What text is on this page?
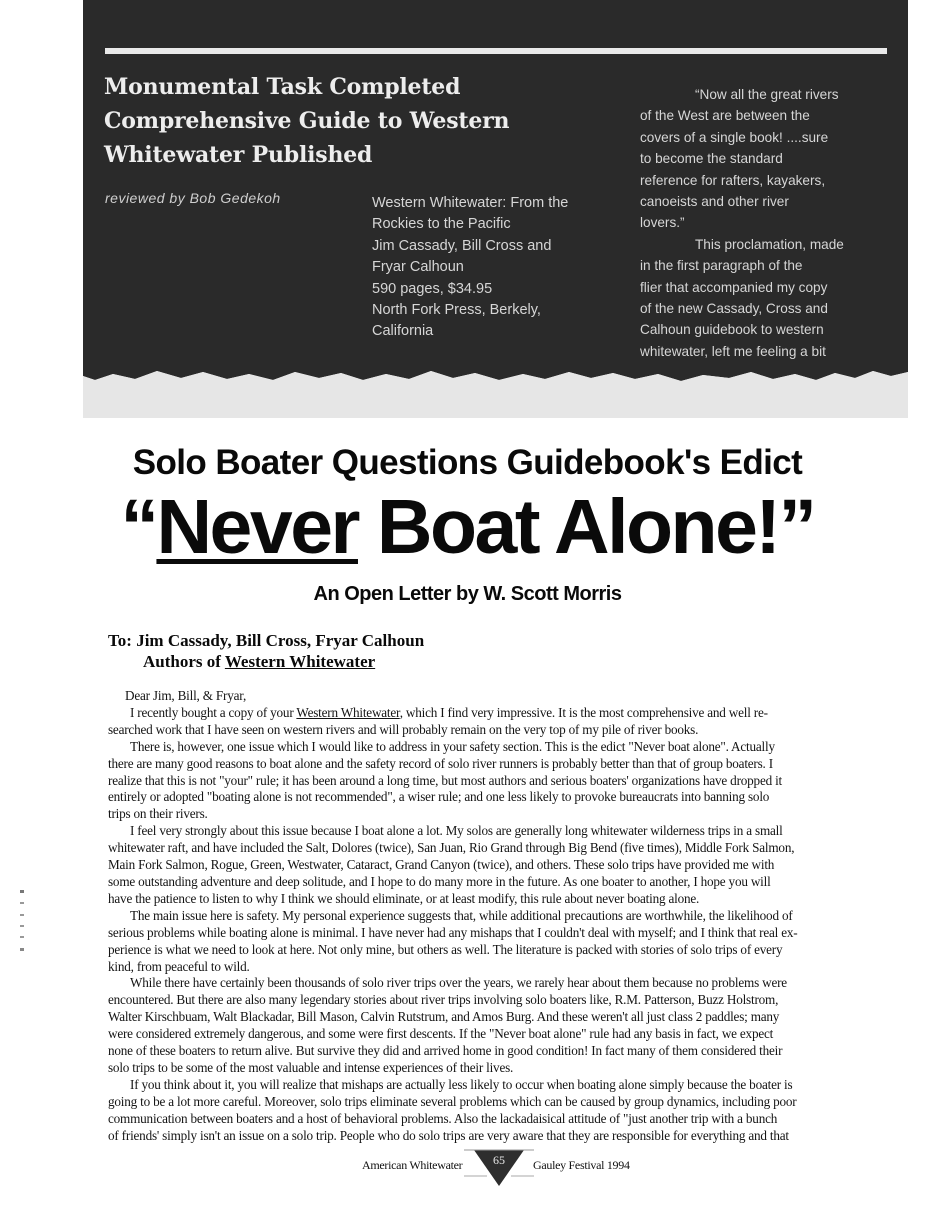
Monumental Task Completed
Comprehensive Guide to Western
Whitewater Published
reviewed by Bob Gedekoh	Western Whitewater: From the
Rockies to the Pacific
Jim Cassady, Bill Cross and
Fryar Calhoun
590 pages, $34.95
North Fork Press, Berkely,
California
“Now all the great rivers
of the West are between the
covers of a single book! ....sure
to become the standard
reference for rafters, kayakers,
canoeists and other river
lovers.”
This proclamation, made
in the first paragraph of the
flier that accompanied my copy
of the new Cassady, Cross and
Calhoun guidebook to western
whitewater, left me feeling a bit
Solo Boater Questions Guidebook's Edict
“Never Boat Alone!”
An Open Letter by W. Scott Morris
To: Jim Cassady, Bill Cross, Fryar Calhoun
Authors of Western Whitewater
Dear Jim, Bill, & Fryar,
I recently bought a copy of your Western Whitewater, which I find very impressive. It is the most comprehensive and well re-
searched work that I have seen on western rivers and will probably remain on the very top of my pile of river books.
There is, however, one issue which I would like to address in your safety section. This is the edict "Never boat alone". Actually
there are many good reasons to boat alone and the safety record of solo river runners is probably better than that of group boaters. I
realize that this is not "your" rule; it has been around a long time, but most authors and serious boaters' organizations have dropped it
entirely or adopted "boating alone is not recommended", a wiser rule; and one less likely to provoke bureaucrats into banning solo
trips on their rivers.
I feel very strongly about this issue because I boat alone a lot. My solos are generally long whitewater wilderness trips in a small
whitewater raft, and have included the Salt, Dolores (twice), San Juan, Rio Grand through Big Bend (five times), Middle Fork Salmon,
Main Fork Salmon, Rogue, Green, Westwater, Cataract, Grand Canyon (twice), and others. These solo trips have provided me with
some outstanding adventure and deep solitude, and I hope to do many more in the future. As one boater to another, I hope you will
have the patience to listen to why I think we should eliminate, or at least modify, this rule about never boating alone.
The main issue here is safety. My personal experience suggests that, while additional precautions are worthwhile, the likelihood of
serious problems while boating alone is minimal. I have never had any mishaps that I couldn't deal with myself; and I think that real ex-
perience is what we need to look at here. Not only mine, but others as well. The literature is packed with stories of solo trips of every
kind, from peaceful to wild.
While there have certainly been thousands of solo river trips over the years, we rarely hear about them because no problems were
encountered. But there are also many legendary stories about river trips involving solo boaters like, R.M. Patterson, Buzz Holstrom,
Walter Kirschbuam, Walt Blackadar, Bill Mason, Calvin Rutstrum, and Amos Burg. And these weren't all just class 2 paddles; many
were considered extremely dangerous, and some were first descents. If the "Never boat alone" rule had any basis in fact, we expect
none of these boaters to return alive. But survive they did and arrived home in good condition! In fact many of them considered their
solo trips to be some of the most valuable and intense experiences of their lives.
If you think about it, you will realize that mishaps are actually less likely to occur when boating alone simply because the boater is
going to be a lot more careful. Moreover, solo trips eliminate several problems which can be caused by group dynamics, including poor
communication between boaters and a host of behavioral problems. Also the lackadaisical attitude of "just another trip with a bunch
of friends' simply isn't an issue on a solo trip. People who do solo trips are very aware that they are responsible for everything and that
American Whitewater	65	Gauley Festival 1994
